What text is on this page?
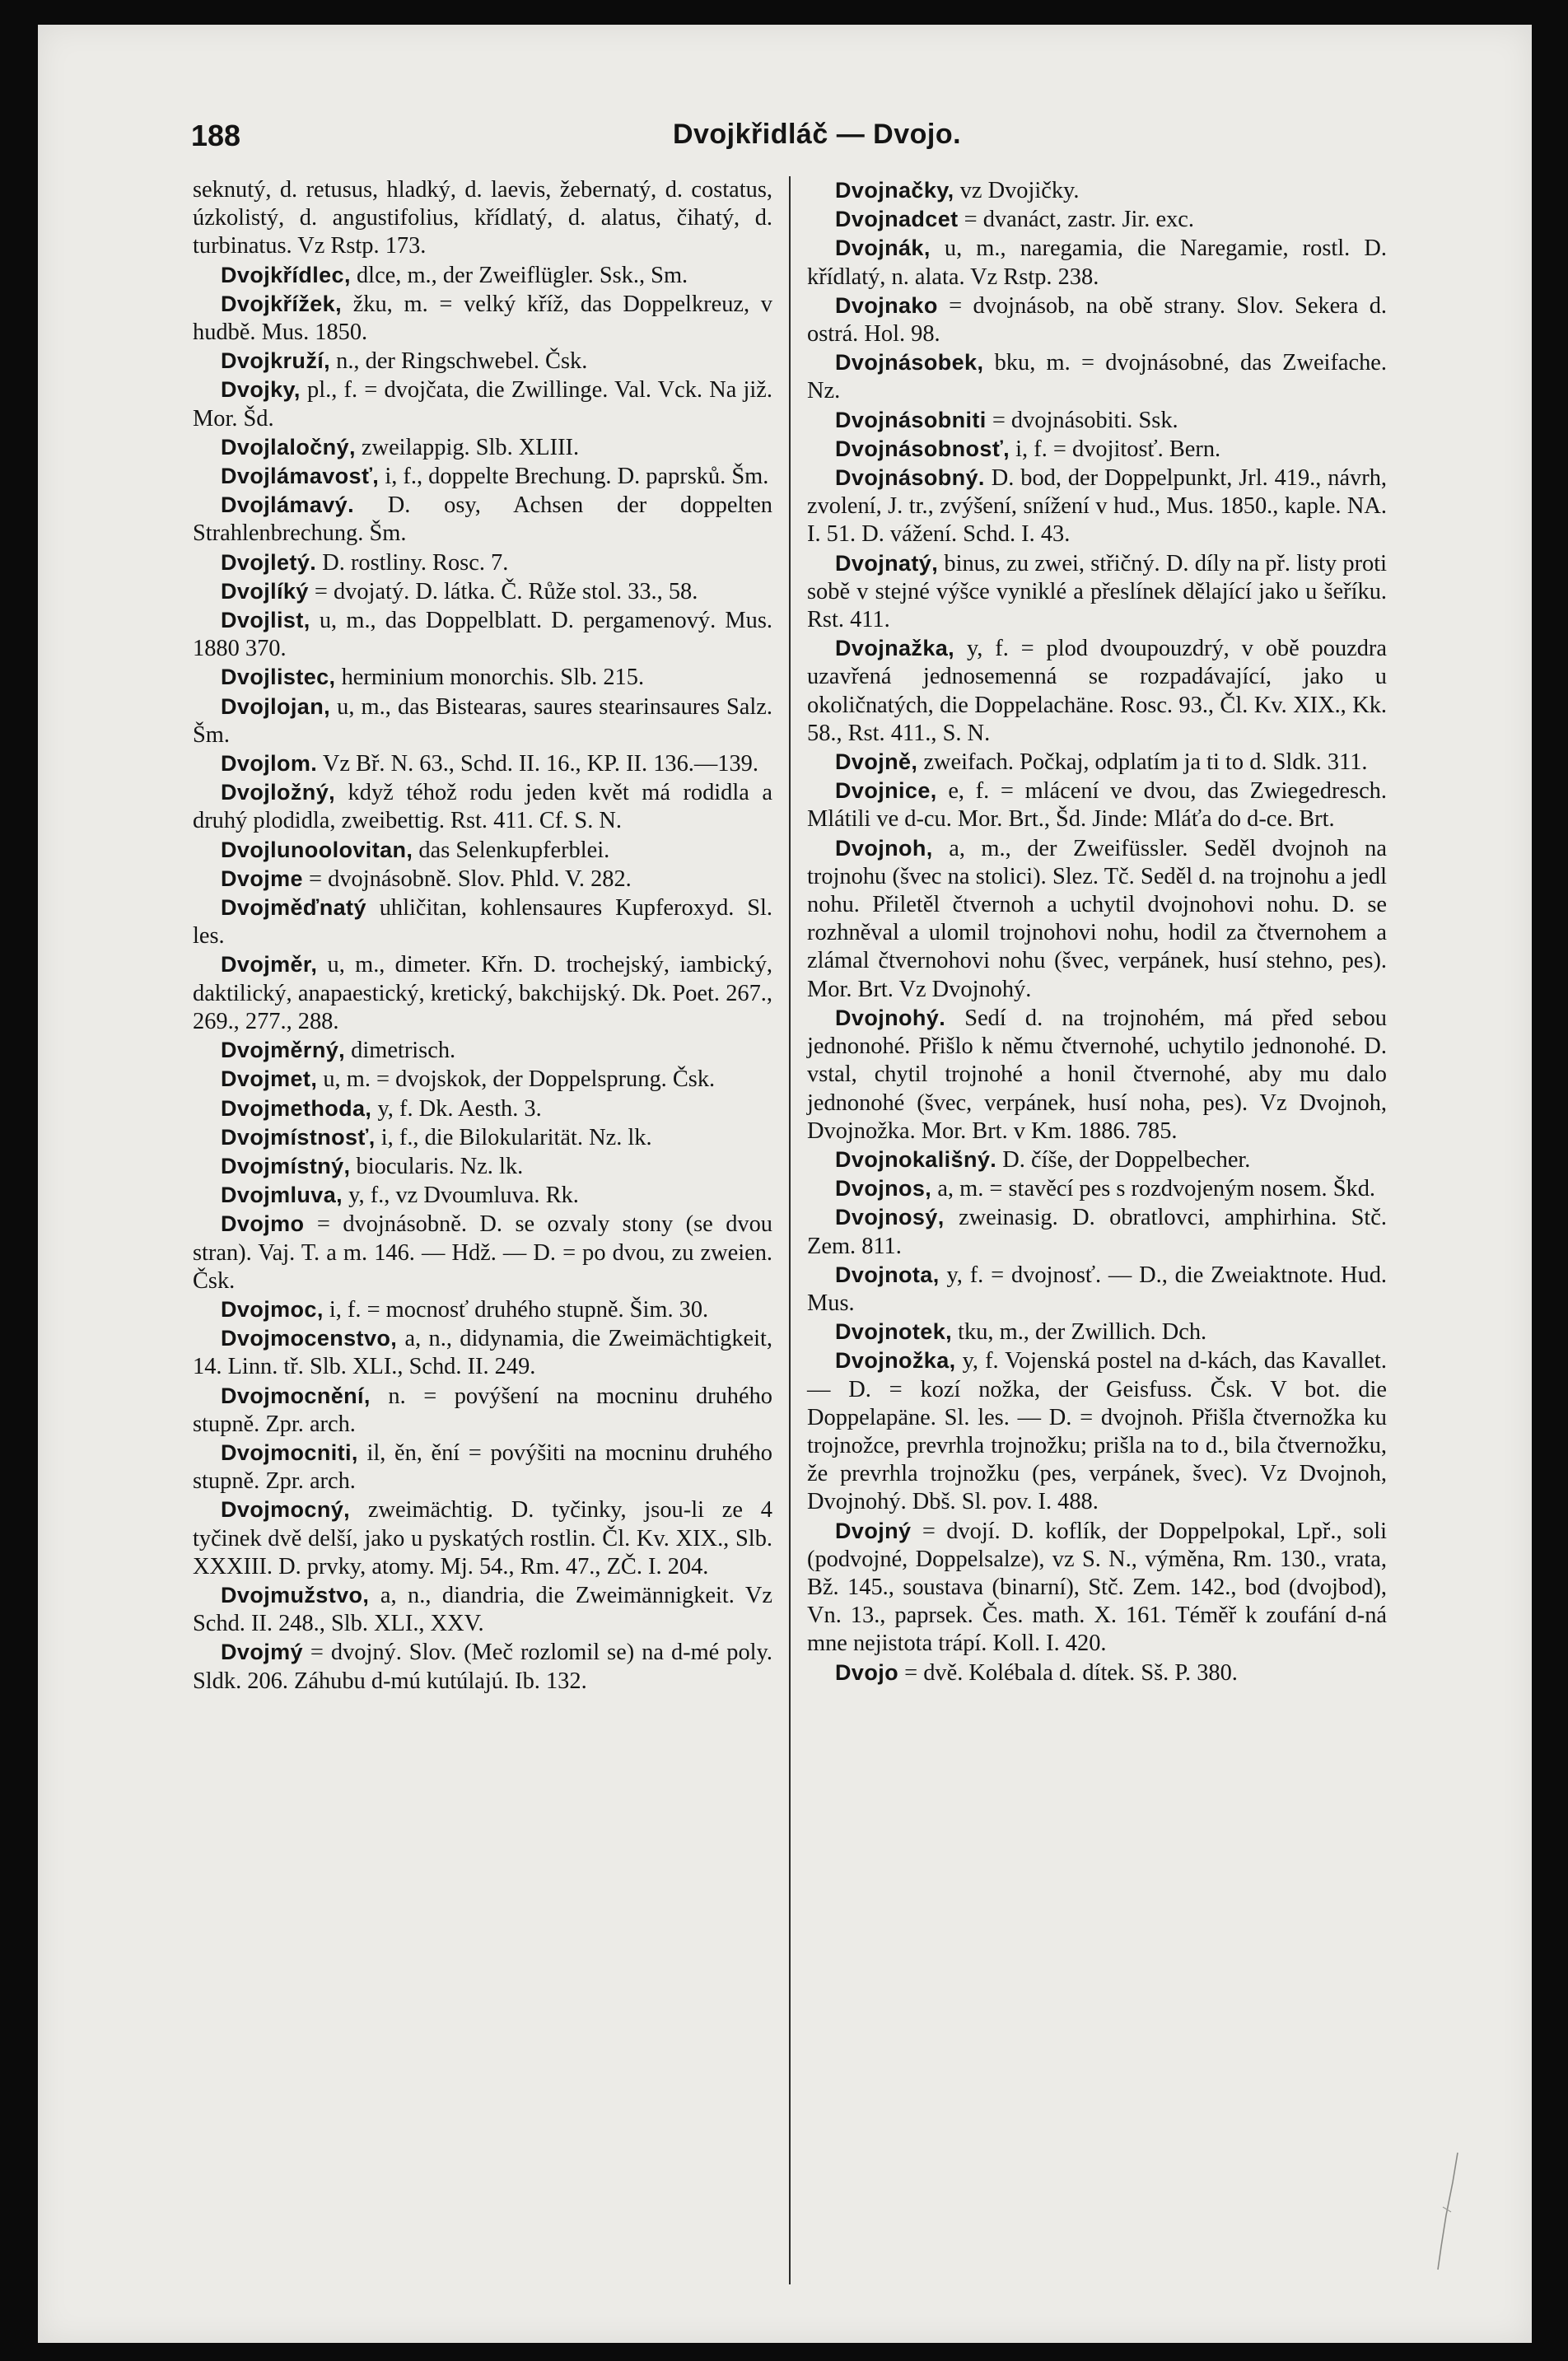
188	Dvojkřidláč — Dvojo.

seknutý, d. retusus, hladký, d. laevis, žebernatý, d. costatus, úzkolistý, d. angustifolius, křídlatý, d. alatus, čihatý, d. turbinatus. Vz Rstp. 173.

Dvojkřídlec, dlce, m., der Zweiflügler. Ssk., Sm.

Dvojkřížek, žku, m. = velký kříž, das Doppelkreuz, v hudbě. Mus. 1850.

Dvojkruží, n., der Ringschwebel. Čsk.

Dvojky, pl., f. = dvojčata, die Zwillinge. Val. Vck. Na již. Mor. Šd.

Dvojlaločný, zweilappig. Slb. XLIII.

Dvojlámavosť, i, f., doppelte Brechung. D. paprsků. Šm.

Dvojlámavý. D. osy, Achsen der doppelten Strahlenbrechung. Šm.

Dvojletý. D. rostliny. Rosc. 7.

Dvojlíký = dvojatý. D. látka. Č. Růže stol. 33., 58.

Dvojlist, u, m., das Doppelblatt. D. pergamenový. Mus. 1880 370.

Dvojlistec, herminium monorchis. Slb. 215.

Dvojlojan, u, m., das Bistearas, saures stearinsaures Salz. Šm.

Dvojlom. Vz Bř. N. 63., Schd. II. 16., KP. II. 136.—139.

Dvojložný, když téhož rodu jeden květ má rodidla a druhý plodidla, zweibettig. Rst. 411. Cf. S. N.

Dvojlunoolovitan, das Selenkupferblei.

Dvojme = dvojnásobně. Slov. Phld. V. 282.

Dvojměďnatý uhličitan, kohlensaures Kupferoxyd. Sl. les.

Dvojměr, u, m., dimeter. Křn. D. trochejský, iambický, daktilický, anapaestický, kretický, bakchijský. Dk. Poet. 267., 269., 277., 288.

Dvojměrný, dimetrisch.

Dvojmet, u, m. = dvojskok, der Doppelsprung. Čsk.

Dvojmethoda, y, f. Dk. Aesth. 3.

Dvojmístnosť, i, f., die Bilokularität. Nz. lk.

Dvojmístný, biocularis. Nz. lk.

Dvojmluva, y, f., vz Dvoumluva. Rk.

Dvojmo = dvojnásobně. D. se ozvaly stony (se dvou stran). Vaj. T. a m. 146. — Hdž. — D. = po dvou, zu zweien. Čsk.

Dvojmoc, i, f. = mocnosť druhého stupně. Šim. 30.

Dvojmocenstvo, a, n., didynamia, die Zweimächtigkeit, 14. Linn. tř. Slb. XLI., Schd. II. 249.

Dvojmocnění, n. = povýšení na mocninu druhého stupně. Zpr. arch.

Dvojmocniti, il, ěn, ění = povýšiti na mocninu druhého stupně. Zpr. arch.

Dvojmocný, zweimächtig. D. tyčinky, jsou-li ze 4 tyčinek dvě delší, jako u pyskatých rostlin. Čl. Kv. XIX., Slb. XXXIII. D. prvky, atomy. Mj. 54., Rm. 47., ZČ. I. 204.

Dvojmužstvo, a, n., diandria, die Zweimännigkeit. Vz Schd. II. 248., Slb. XLI., XXV.

Dvojmý = dvojný. Slov. (Meč rozlomil se) na d-mé poly. Sldk. 206. Záhubu d-mú kutúlajú. Ib. 132.

Dvojnačky, vz Dvojičky.

Dvojnadcet = dvanáct, zastr. Jir. exc.

Dvojnák, u, m., naregamia, die Naregamie, rostl. D. křídlatý, n. alata. Vz Rstp. 238.

Dvojnako = dvojnásob, na obě strany. Slov. Sekera d. ostrá. Hol. 98.

Dvojnásobek, bku, m. = dvojnásobné, das Zweifache. Nz.

Dvojnásobniti = dvojnásobiti. Ssk.

Dvojnásobnosť, i, f. = dvojitosť. Bern.

Dvojnásobný. D. bod, der Doppelpunkt, Jrl. 419., návrh, zvolení, J. tr., zvýšení, snížení v hud., Mus. 1850., kaple. NA. I. 51. D. vážení. Schd. I. 43.

Dvojnatý, binus, zu zwei, střičný. D. díly na př. listy proti sobě v stejné výšce vyniklé a přeslínek dělající jako u šeříku. Rst. 411.

Dvojnažka, y, f. = plod dvoupouzdrý, v obě pouzdra uzavřená jednosemenná se rozpadávající, jako u okoličnatých, die Doppelachäne. Rosc. 93., Čl. Kv. XIX., Kk. 58., Rst. 411., S. N.

Dvojně, zweifach. Počkaj, odplatím ja ti to d. Sldk. 311.

Dvojnice, e, f. = mlácení ve dvou, das Zwiegedresch. Mlátili ve d-cu. Mor. Brt., Šd. Jinde: Mláťa do d-ce. Brt.

Dvojnoh, a, m., der Zweifüssler. Seděl dvojnoh na trojnohu (švec na stolici). Slez. Tč. Seděl d. na trojnohu a jedl nohu. Přiletěl čtvernoh a uchytil dvojnohovi nohu. D. se rozhněval a ulomil trojnohovi nohu, hodil za čtvernohem a zlámal čtvernohovi nohu (švec, verpánek, husí stehno, pes). Mor. Brt. Vz Dvojnohý.

Dvojnohý. Sedí d. na trojnohém, má před sebou jednonohé. Přišlo k němu čtvernohé, uchytilo jednonohé. D. vstal, chytil trojnohé a honil čtvernohé, aby mu dalo jednonohé (švec, verpánek, husí noha, pes). Vz Dvojnoh, Dvojnožka. Mor. Brt. v Km. 1886. 785.

Dvojnokališný. D. číše, der Doppelbecher.

Dvojnos, a, m. = stavěcí pes s rozdvojeným nosem. Škd.

Dvojnosý, zweinasig. D. obratlovci, amphirhina. Stč. Zem. 811.

Dvojnota, y, f. = dvojnosť. — D., die Zweiaktnote. Hud. Mus.

Dvojnotek, tku, m., der Zwillich. Dch.

Dvojnožka, y, f. Vojenská postel na d-kách, das Kavallet. — D. = kozí nožka, der Geisfuss. Čsk. V bot. die Doppelapäne. Sl. les. — D. = dvojnoh. Přišla čtvernožka ku trojnožce, prevrhla trojnožku; prišla na to d., bila čtvernožku, že prevrhla trojnožku (pes, verpánek, švec). Vz Dvojnoh, Dvojnohý. Dbš. Sl. pov. I. 488.

Dvojný = dvojí. D. koflík, der Doppelpokal, Lpř., soli (podvojné, Doppelsalze), vz S. N., výměna, Rm. 130., vrata, Bž. 145., soustava (binarní), Stč. Zem. 142., bod (dvojbod), Vn. 13., paprsek. Čes. math. X. 161. Téměř k zoufání d-ná mne nejistota trápí. Koll. I. 420.

Dvojo = dvě. Kolébala d. dítek. Sš. P. 380.
